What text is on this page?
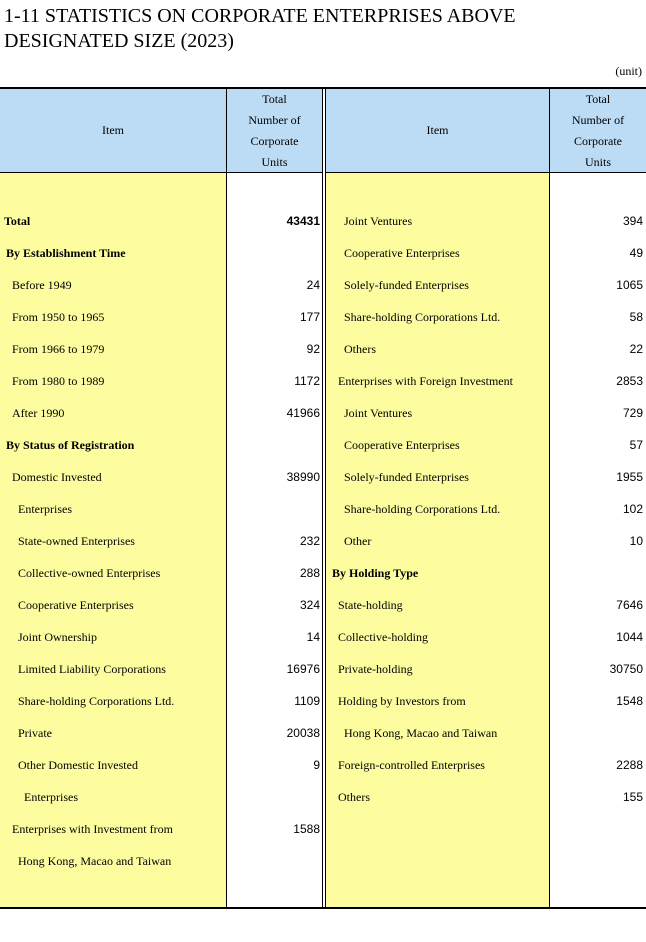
1-11 STATISTICS ON CORPORATE ENTERPRISES ABOVE
DESIGNATED SIZE (2023)
(unit)
Item
Total
Number of
Corporate
Units
Item
Total
Number of
Corporate
Units
Total	43431
By Establishment Time
Before 1949	24
From 1950 to 1965	177
From 1966 to 1979	92
From 1980 to 1989	1172
After 1990	41966
By Status of Registration
Domestic Invested	38990
Enterprises
State-owned Enterprises	232
Collective-owned Enterprises	288
Cooperative Enterprises	324
Joint Ownership	14
Limited Liability Corporations	16976
Share-holding Corporations Ltd.	1109
Private	20038
Other Domestic Invested	9
Enterprises
Enterprises with Investment from	1588
Hong Kong, Macao and Taiwan
Joint Ventures	394
Cooperative Enterprises	49
Solely-funded Enterprises	1065
Share-holding Corporations Ltd.	58
Others	22
Enterprises with Foreign Investment	2853
Joint Ventures	729
Cooperative Enterprises	57
Solely-funded Enterprises	1955
Share-holding Corporations Ltd.	102
Other	10
By Holding Type
State-holding	7646
Collective-holding	1044
Private-holding	30750
Holding by Investors from	1548
Hong Kong, Macao and Taiwan
Foreign-controlled Enterprises	2288
Others	155
